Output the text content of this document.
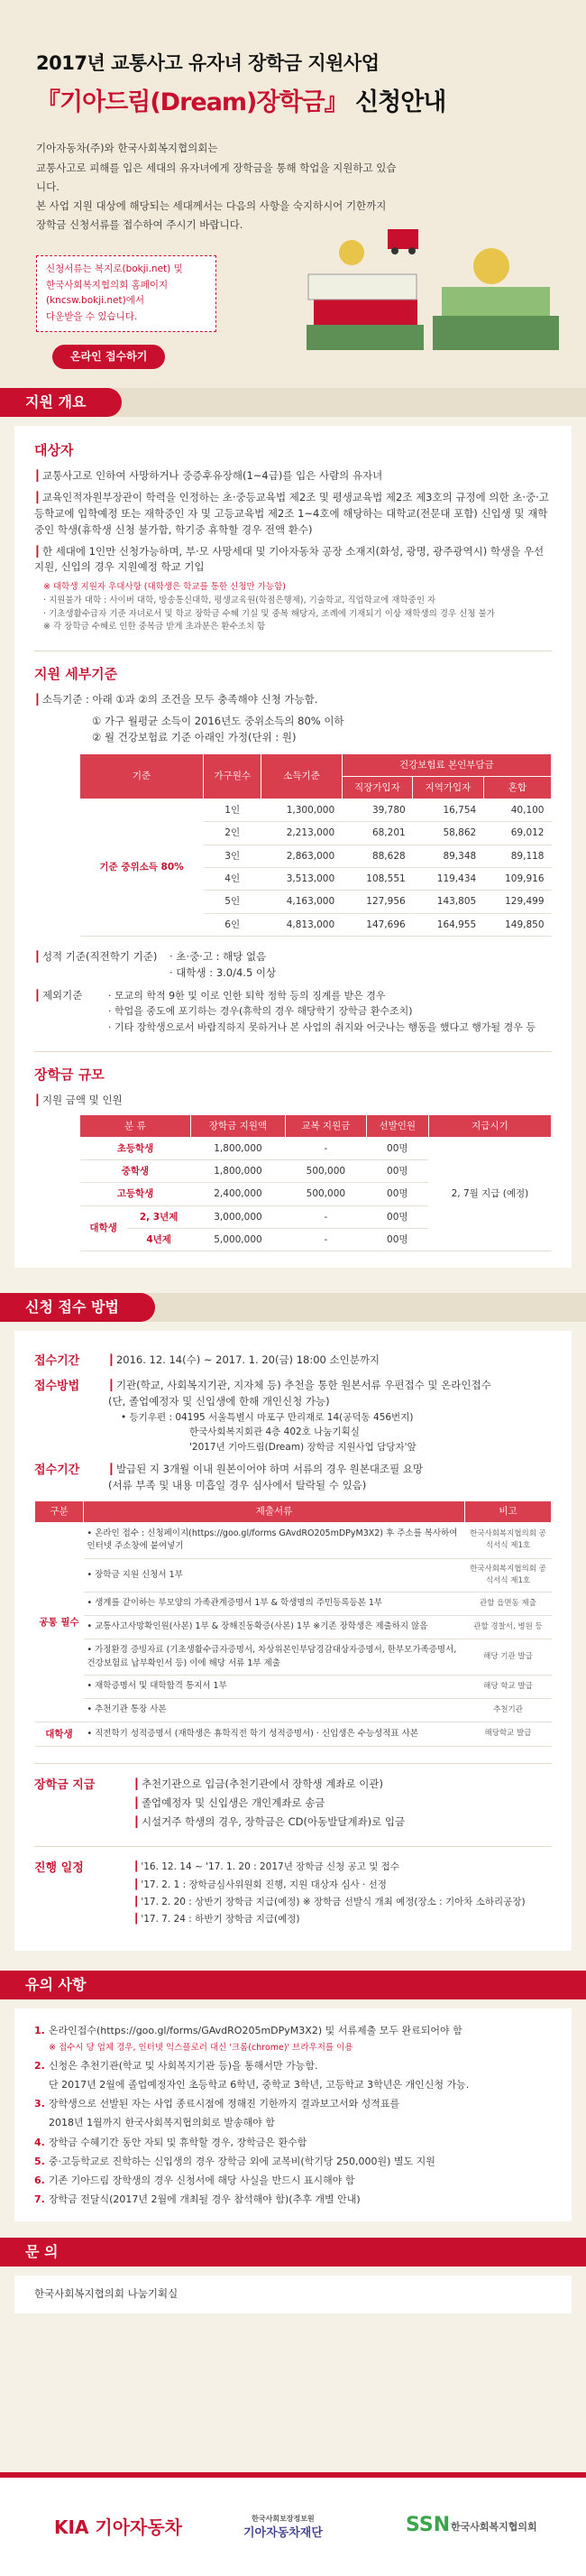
2017년 교통사고 유자녀 장학금 지원사업
『기아드림(Dream)장학금』 신청안내
기아자동차(주)와 한국사회복지협의회는
교통사고로 피해를 입은 세대의 유자녀에게 장학금을 통해 학업을 지원하고 있습니다.
본 사업 지원 대상에 해당되는 세대께서는 다음의 사항을 숙지하시어 기한까지
장학금 신청서류를 접수하여 주시기 바랍니다.
신청서류는 복지로(bokji.net) 및
한국사회복지협의회 홈페이지(kncsw.bokji.net)에서
다운받을 수 있습니다.
온라인 접수하기
지원 개요
대상자
┃ 교통사고로 인하여 사망하거나 중증후유장해(1~4급)를 입은 사람의 유자녀
┃ 교육인적자원부장관이 학력을 인정하는 초·중등교육법 제2조 및 평생교육법 제2조 제3호의 규정에 의한 초·중·고등학교에 입학예정 또는 재학중인 자 및 고등교육법 제2조 1~4호에 해당하는 대학교(전문대 포함) 신입생 및 재학중인 학생(휴학생 신청 불가함, 학기중 휴학할 경우 전액 환수)
┃ 한 세대에 1인만 신청가능하며, 부·모 사망세대 및 기아자동차 공장 소재지(화성, 광명, 광주광역시) 학생을 우선 지원, 신입의 경우 지원예정 학교 기입
※ 대학생 지원자 우대사항 (대학생은 학교를 통한 신청만 가능함)
· 지원불가 대학 : 사이버 대학, 방송통신대학, 평생교육원(학점은행제), 기술학교, 직업학교에 재학중인 자
· 기초생활수급자 기준 자녀로서 및 학교 장학금 수혜 기실 및 중복 해당자, 조례에 기재되기 이상 재학생의 경우 신청 불가
※ 각 장학금 수혜로 인한 중복금 받게 초과분은 환수조치 함
지원 세부기준
┃ 소득기준 : 아래 ①과 ②의 조건을 모두 충족해야 신청 가능함.
① 가구 월평균 소득이 2016년도 중위소득의 80% 이하
② 월 건강보험료 기준 아래인 가정(단위 : 원)
기준	가구원수	소득기준	건강보험료 본인부담금		
			직장가입자	지역가입자	혼합
기준 중위소득 80%	1인	1,300,000	39,780	16,754	40,100
	2인	2,213,000	68,201	58,862	69,012
	3인	2,863,000	88,628	89,348	89,118
	4인	3,513,000	108,551	119,434	109,916
	5인	4,163,000	127,956	143,805	129,499
	6인	4,813,000	147,696	164,955	149,850
┃ 성적 기준(직전학기 기준)	· 초·중·고 : 해당 없음
· 대학생 : 3.0/4.5 이상
┃ 제외기준	· 모교의 학적 9한 및 이로 인한 퇴학 정학 등의 징계를 받은 경우
· 학업을 중도에 포기하는 경우(휴학의 경우 해당학기 장학금 환수조치)
· 기타 장학생으로서 바람직하지 못하거나 본 사업의 취지와 어긋나는 행동을 했다고 행가될 경우 등
장학금 규모
┃ 지원 금액 및 인원
분 류		장학금 지원액	교복 지원금	선발인원	지급시기
초등학생		1,800,000	-	00명	2, 7월 지급 (예정)
중학생		1,800,000	500,000	00명	
고등학생		2,400,000	500,000	00명	
대학생	2, 3년제	3,000,000	-	00명	
	4년제	5,000,000	-	00명	
신청 접수 방법
접수기간	┃ 2016. 12. 14(수) ~ 2017. 1. 20(금) 18:00 소인분까지
접수방법	┃ 기관(학교, 사회복지기관, 지자체 등) 추천을 통한 원본서류 우편접수 및 온라인접수
(단, 졸업예정자 및 신입생에 한해 개인신청 가능)
• 등기우편 : 04195 서울특별시 마포구 만리재로 14(공덕동 456번지)
한국사회복지회관 4층 402호 나눔기획실
'2017년 기아드림(Dream) 장학금 지원사업 담당자'앞
접수기간	┃ 발급된 지 3개월 이내 원본이어야 하며 서류의 경우 원본대조필 요망
(서류 부족 및 내용 미흡일 경우 심사에서 탈락될 수 있음)
구분	제출서류	비고
공통 필수	• 온라인 접수 : 신청페이지(https://goo.gl/forms GAvdRO205mDPyM3X2) 후 주소를 복사하여 인터넷 주소창에 붙여넣기	한국사회복지협의회 공식서식 제1호
	• 장학금 지원 신청서 1부	한국사회복지협의회 공식서식 제1호
	• 생계를 같이하는 부모양의 가족관계증명서 1부 & 학생명의 주민등록등본 1부	관할 읍면동 제출
	• 교통사고사망확인원(사본) 1부 & 장해진동확증(사본) 1부 ※기존 장학생은 제출하지 않음	관할 경찰서, 병원 등
	• 가정환경 증빙자료 (기초생활수급자증명서, 차상위본인부담경감대상자증명서, 한부모가족증명서, 건강보험료 납부확인서 등) 이에 해당 서류 1부 제출	해당 기관 발급
	• 재학증명서 및 대학합격 통지서 1부	해당 학교 발급
	• 추천기관 통장 사본	추천기관
대학생	• 직전학기 성적증명서 (재학생은 휴학직전 학기 성적증명서) · 신입생은 수능성적표 사본	해당학교 발급
장학금 지급	┃ 추천기관으로 입금(추천기관에서 장학생 계좌로 이관)
┃ 졸업예정자 및 신입생은 개인계좌로 송금
┃ 시설거주 학생의 경우, 장학금은 CD(아동발달계좌)로 입금
진행 일정	┃ '16. 12. 14 ~ '17. 1. 20 : 2017년 장학금 신청 공고 및 접수
┃ '17. 2. 1 : 장학금심사위원회 진행, 지원 대상자 심사 · 선정
┃ '17. 2. 20 : 상반기 장학금 지급(예정) ※ 장학금 선발식 개최 예정(장소 : 기아차 소하리공장)
┃ '17. 7. 24 : 하반기 장학금 지급(예정)
유의 사항
1. 온라인접수(https://goo.gl/forms/GAvdRO205mDPyM3X2) 및 서류제출 모두 완료되어야 함
※ 접수시 당 업체 경우, 인터넷 익스플로러 대신 '크롬(chrome)' 브라우저를 이용
2. 신청은 추천기관(학교 및 사회복지기관 등)을 통해서만 가능함.
단 2017년 2월에 졸업예정자인 초등학교 6학년, 중학교 3학년, 고등학교 3학년은 개인신청 가능.
3. 장학생으로 선발된 자는 사업 종료시점에 정해진 기한까지 결과보고서와 성적표를
2018년 1월까지 한국사회복지협의회로 발송해야 함
4. 장학금 수혜기간 동안 자퇴 및 휴학할 경우, 장학금은 환수함
5. 중·고등학교로 진학하는 신입생의 경우 장학금 외에 교복비(학기당 250,000원) 별도 지원
6. 기존 기아드림 장학생의 경우 신청서에 해당 사실을 반드시 표시해야 함
7. 장학금 전달식(2017년 2월에 개최될 경우 참석해야 함)(추후 개별 안내)
문 의
한국사회복지협의회 나눔기획실
KIA 기아자동차	한국사회보장정보원
기아자동차재단	SSN 한국사회복지협의회
